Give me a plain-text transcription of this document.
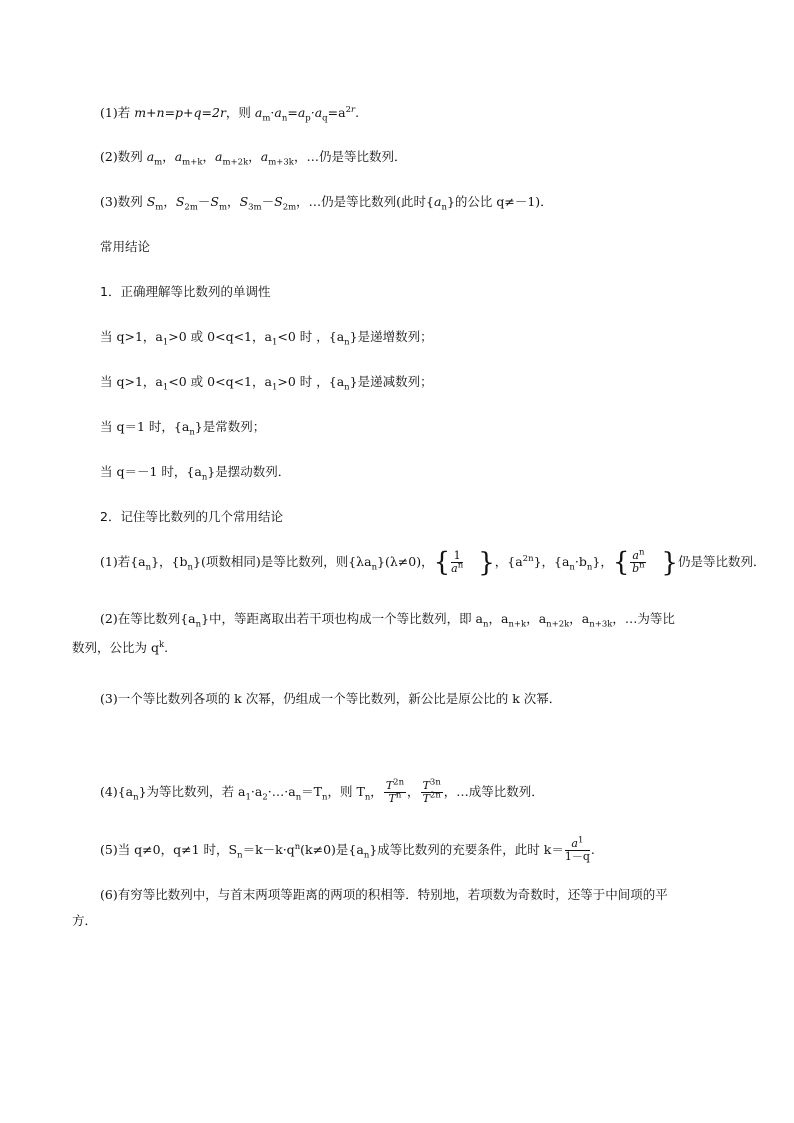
(1)若 m+n=p+q=2r，则 $a_m\cdot a_n=a_p\cdot a_q=a^{2r}$.
(2)数列 $a_m$，$a_{m+k}$，$a_{m+2k}$，$a_{m+3k}$，…仍是等比数列．
(3)数列 $S_m$，$S_{2m}-S_m$，$S_{3m}-S_{2m}$，…仍是等比数列(此时$\{a_n\}$的公比 q≠－1)．
常用结论
1．正确理解等比数列的单调性
当 q>1，$a_1>0$ 或 0<q<1，$a_1<0$ 时 ，$\{a_n\}$是递增数列；
当 q>1，$a_1<0$ 或 0<q<1，$a_1>0$ 时 ，$\{a_n\}$是递减数列；
当 q＝1 时，$\{a_n\}$是常数列；
当 q＝－1 时，$\{a_n\}$是摆动数列．
2．记住等比数列的几个常用结论
(1)若$\{a_n\}$，$\{b_n\}$(项数相同)是等比数列，则$\{\lambda a_n\}(\lambda\ne 0)$，{ $\frac{1}{a^n}$ }，$\{a^{2n}\}$，$\{a_n\cdot b_n\}$，{ $\frac{a^n}{b^n}$ }仍是等比数列．
(2)在等比数列$\{a_n\}$中，等距离取出若干项也构成一个等比数列，即 $a_n$，$a_{n+k}$，$a_{n+2k}$，$a_{n+3k}$，…为等比
数列，公比为 $q^k$.
(3)一个等比数列各项的 k 次幂，仍组成一个等比数列，新公比是原公比的 k 次幂．
$(4)\{a_n\}$为等比数列，若 $a_1\cdot a_2\cdot\dots\cdot a_n=T_n$，则 $T_n$， $\frac{T^{2n}}{T^n}$ ， $\frac{T^{3n}}{T^{2n}}$ ，…成等比数列．
(5)当 q≠0，q≠1 时，$S_n=k-k\cdot q^n(k\ne 0)$是$\{a_n\}$成等比数列的充要条件，此时 $k= \frac{a^1}{1-q}$ .
(6)有穷等比数列中，与首末两项等距离的两项的积相等．特别地，若项数为奇数时，还等于中间项的平方．
